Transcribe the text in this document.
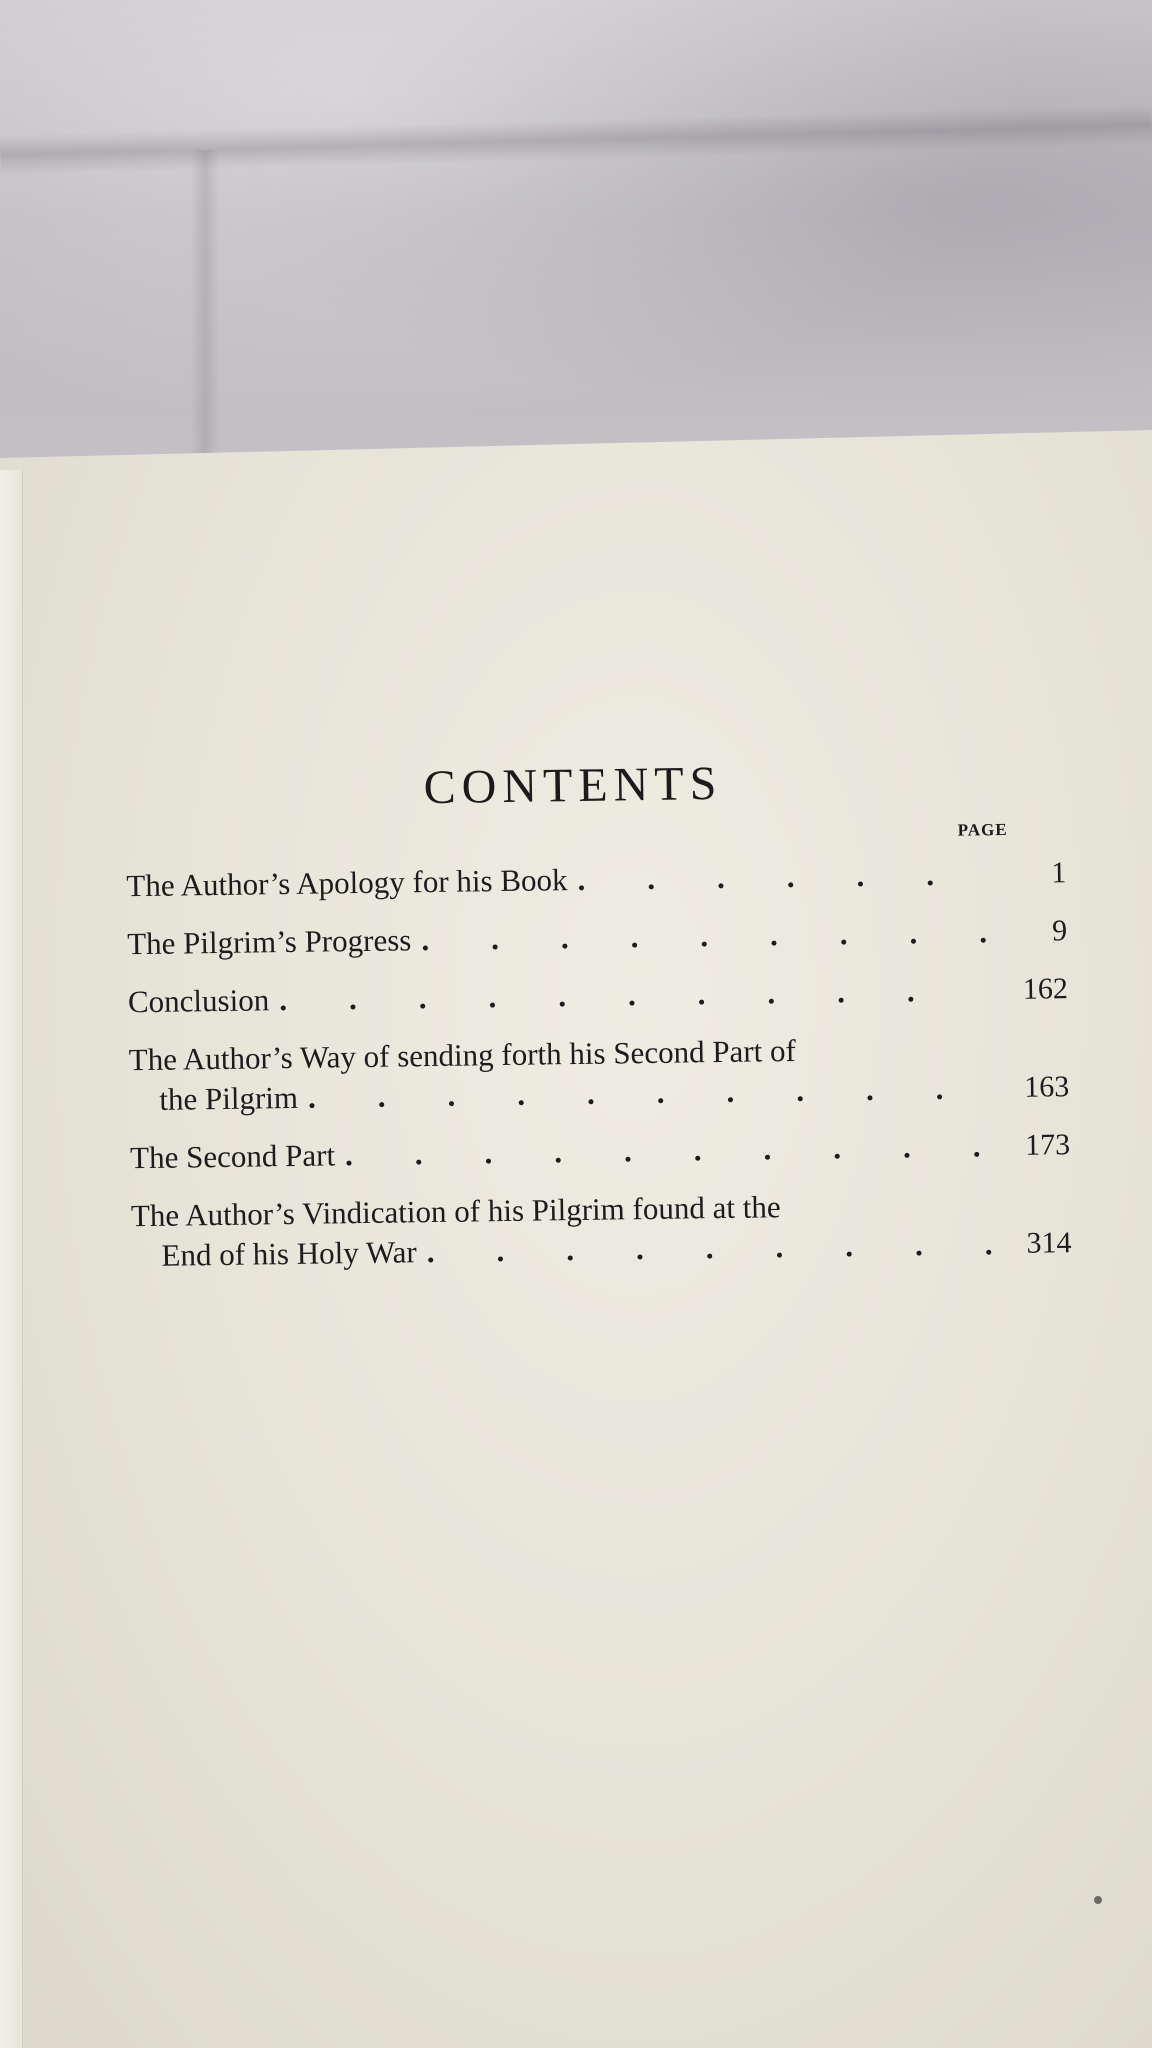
CONTENTS
PAGE
The Author’s Apology for his Book .	1
The Pilgrim’s Progress .	9
Conclusion .	162
The Author’s Way of sending forth his Second Part of
the Pilgrim .	163
The Second Part .	173
The Author’s Vindication of his Pilgrim found at the
End of his Holy War .	314
